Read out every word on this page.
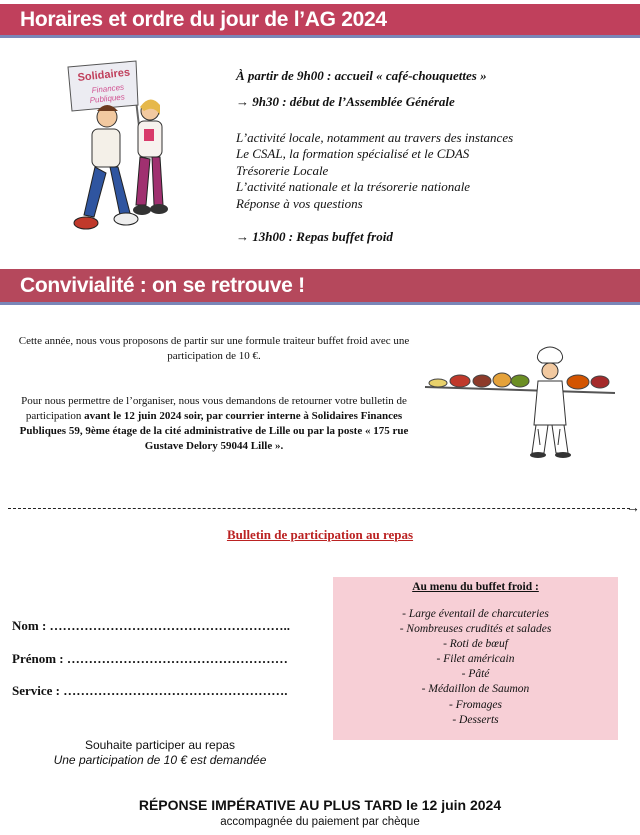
Horaires et ordre du jour de l’AG 2024
Solidaires
Finances
Publiques
À partir de 9h00 : accueil « café-chouquettes »
→ 9h30 : début de l’Assemblée Générale
L’activité locale, notamment au travers des instances
Le CSAL, la formation spécialisé et le CDAS
Trésorerie Locale
L’activité nationale et la trésorerie nationale
Réponse à vos questions
→ 13h00 : Repas buffet froid
Convivialité : on se retrouve !
Cette année, nous vous proposons de partir sur une formule traiteur buffet froid avec une participation de 10 €.
Pour nous permettre de l’organiser, nous vous demandons de retourner votre bulletin de participation avant le 12 juin 2024 soir, par courrier interne à Solidaires Finances Publiques 59, 9ème étage de la cité administrative de Lille ou par la poste « 175 rue Gustave Delory 59044 Lille ».
→
Bulletin de participation au repas
Nom : ………………………………………………..
Prénom : ……………………………………………
Service : …………………………………………….
Au menu du buffet froid :
- Large éventail de charcuteries
- Nombreuses crudités et salades
- Roti de bœuf
- Filet américain
- Pâté
- Médaillon de Saumon
- Fromages
- Desserts
Souhaite participer au repas
Une participation de 10 € est demandée
RÉPONSE IMPÉRATIVE AU PLUS TARD le 12 juin 2024
accompagnée du paiement par chèque
